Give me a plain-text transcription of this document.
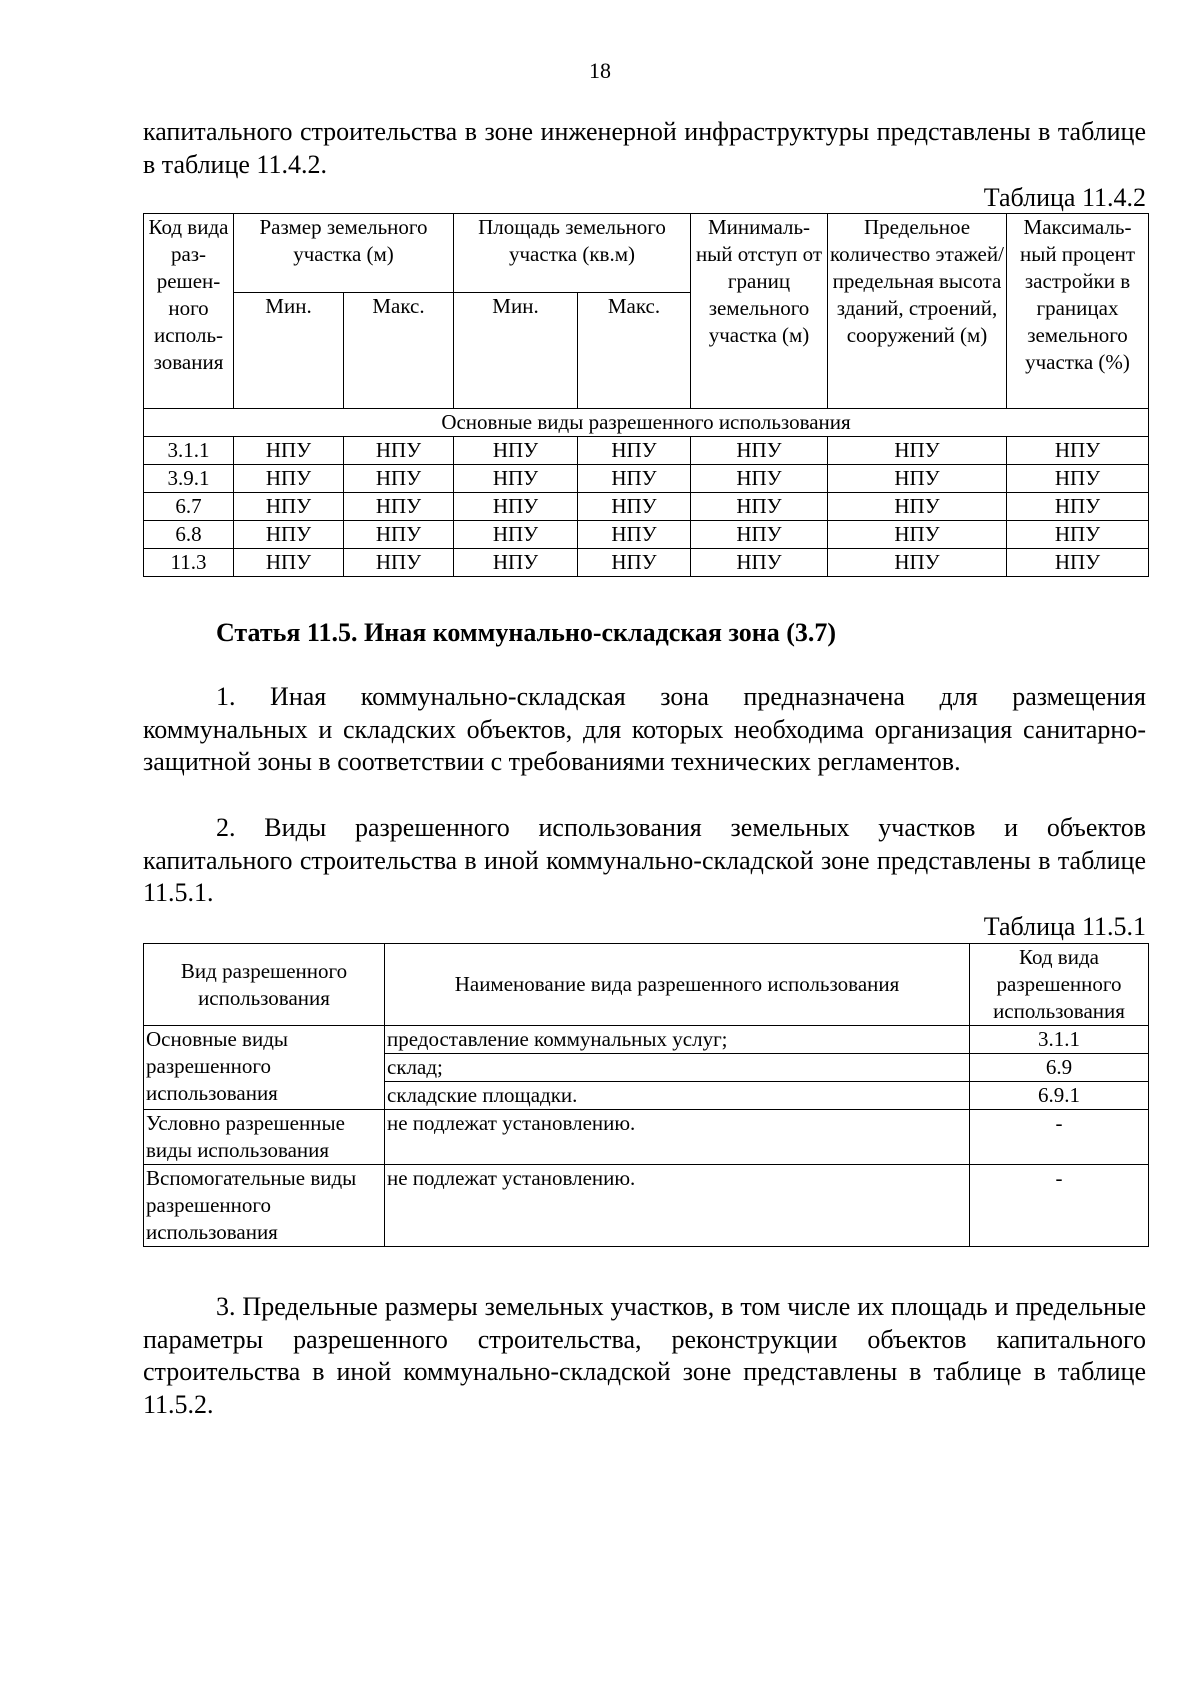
18
капитального строительства в зоне инженерной инфраструктуры представлены в таблице в таблице 11.4.2.
Таблица 11.4.2
Код вида раз-решен-ного исполь-зования	Размер земельного участка (м)		Площадь земельного участка (кв.м)		Минималь-ный отступ от границ земельного участка (м)	Предельное количество этажей/ предельная высота зданий, строений, сооружений (м)	Максималь-ный процент застройки в границах земельного участка (%)
	Мин.	Макс.	Мин.	Макс.			
Основные виды разрешенного использования							
3.1.1	НПУ	НПУ	НПУ	НПУ	НПУ	НПУ	НПУ
3.9.1	НПУ	НПУ	НПУ	НПУ	НПУ	НПУ	НПУ
6.7	НПУ	НПУ	НПУ	НПУ	НПУ	НПУ	НПУ
6.8	НПУ	НПУ	НПУ	НПУ	НПУ	НПУ	НПУ
11.3	НПУ	НПУ	НПУ	НПУ	НПУ	НПУ	НПУ
Статья 11.5. Иная коммунально-складская зона (3.7)
1. Иная коммунально-складская зона предназначена для размещения коммунальных и складских объектов, для которых необходима организация санитарно-защитной зоны в соответствии с требованиями технических регламентов.
2. Виды разрешенного использования земельных участков и объектов капитального строительства в иной коммунально-складской зоне представлены в таблице 11.5.1.
Таблица 11.5.1
Вид разрешенного использования	Наименование вида разрешенного использования	Код вида разрешенного использования
Основные виды разрешенного использования	предоставление коммунальных услуг;	3.1.1
	склад;	6.9
	складские площадки.	6.9.1
Условно разрешенные виды использования	не подлежат установлению.	-
Вспомогательные виды разрешенного использования	не подлежат установлению.	-
3. Предельные размеры земельных участков, в том числе их площадь и предельные параметры разрешенного строительства, реконструкции объектов капитального строительства в иной коммунально-складской зоне представлены в таблице в таблице 11.5.2.
